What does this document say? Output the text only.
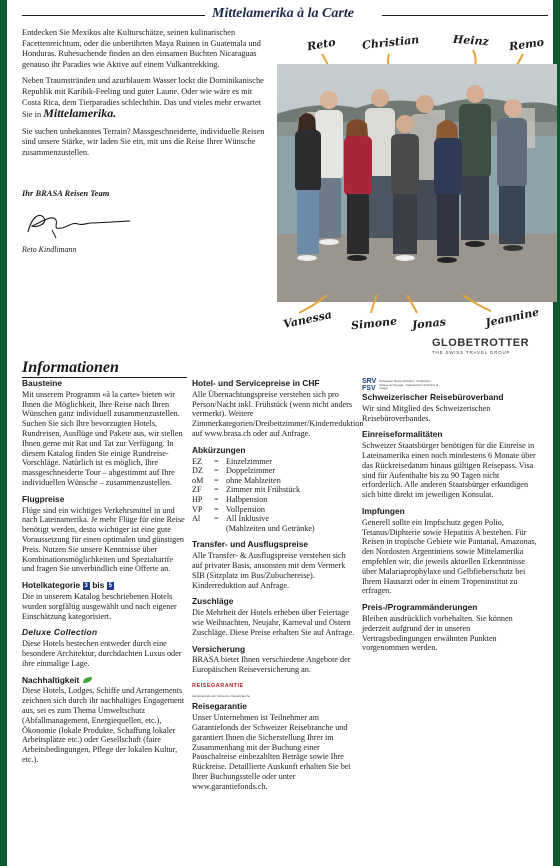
Mittelamerika à la Carte

Entdecken Sie Mexikos alte Kulturschätze, seinen kulinarischen Facettenreichtum, oder die unberührten Maya Ruinen in Guatemala und Honduras. Ruhesuchende finden an den einsamen Buchten Nicaraguas genauso ihr Paradies wie Aktive auf einem Vulkantrekking.

Neben Traumstränden und azurblauem Wasser lockt die Dominikanische Republik mit Karibik-Feeling und guter Laune. Oder wie wäre es mit Costa Rica, dem Tierparadies schlechthin. Das und vieles mehr erwartet Sie in Mittelamerika.

Sie suchen unbekanntes Terrain? Massgeschneiderte, individuelle Reisen sind unsere Stärke, wir laden Sie ein, mit uns die Reise Ihrer Wünsche zusammenzustellen.

Ihr BRASA Reisen Team
Reto Kindlimann
Reto Christian	Heinz Remo
Vanessa Simone Jonas	Jeannine
GLOBETROTTER
THE SWISS TRAVEL GROUP
Informationen
Bausteine

Mit unserem Programm «à la carte» bieten wir Ihnen die Möglichkeit, Ihre Reise nach Ihren Wünschen ganz individuell zusammenzustellen. Suchen Sie sich Ihre bevorzugten Hotels, Rundreisen, Ausflüge und Pakete aus, wir stellen Ihnen gerne mit Rat und Tat zur Verfügung. In diesem Katalog finden Sie einige Rundreise-Vorschläge. Natürlich ist es möglich, Ihre massgeschneiderte Tour – abgestimmt auf Ihre individuellen Wünsche – zusammenzustellen.

Flugpreise

Flüge sind ein wichtiges Verkehrsmittel in und nach Lateinamerika. Je mehr Flüge für eine Reise benötigt werden, desto wichtiger ist eine gute Voraussetzung für einen optimalen und günstigen Preis. Nutzen Sie unsere Kenntnisse über Kombinationsmöglichkeiten und Spezialtarife und fragen Sie unverbindlich eine Offerte an.

Hotelkategorie 3 bis 5

Die in unserem Katalog beschriebenen Hotels wurden sorgfältig ausgewählt und nach eigener Einschätzung kategorisiert.

Deluxe Collection

Diese Hotels bestechen entweder durch eine besondere Architektur, durchdachten Luxus oder ihre einmalige Lage.

Nachhaltigkeit

Diese Hotels, Lodges, Schiffe und Arrangements zeichnen sich durch ihr nachhaltiges Engagement aus, sei es zum Thema Umweltschutz (Abfallmanagement, Energiequellen, etc.), Ökonomie (lokale Produkte, Schaffung lokaler Arbeitsplätze etc.) oder Gesellschaft (faire Arbeitsbedingungen, Pflege der lokalen Kultur, etc.).

Hotel- und Servicepreise in CHF

Alle Übernachtungspreise verstehen sich pro Person/Nacht inkl. Frühstück (wenn nicht anders vermerkt). Weitere Zimmerkategorien/Dreibettzimmer/Kinderreduktion auf www.brasa.ch oder auf Anfrage.

Abkürzungen
EZ	=	Einzelzimmer
DZ	=	Doppelzimmer
oM	=	ohne Mahlzeiten
ZF	=	Zimmer mit Frühstück
HP	=	Halbpension
VP	=	Vollpension
Al	=	All Inklusive
		(Mahlzeiten und Getränke)
Transfer- und Ausflugspreise

Alle Transfer- & Ausflugspreise verstehen sich auf privater Basis, ansonsten mit dem Vermerk SIB (Sitzplatz im Bus/Zubuchereise). Kinderreduktion auf Anfrage.

Zuschläge

Die Mehrheit der Hotels erheben über Feiertage wie Weihnachten, Neujahr, Karneval und Ostern Zuschläge. Diese Preise erhalten Sie auf Anfrage.

Versicherung

BRASA bietet Ihnen verschiedene Angebote der Europäischen Reiseversicherung an.

REISEGARANTIE
Garantiefonds der Schweizer Reisebranche
Reisegarantie

Unser Unternehmen ist Teilnehmer am Garantiefonds der Schweizer Reisebranche und garantiert Ihnen die Sicherstellung Ihrer im Zusammenhang mit der Buchung einer Pauschalreise einbezahlten Beträge sowie Ihre Rückreise. Detaillierte Auskunft erhalten Sie bei Ihrer Buchungsstelle oder unter www.garantiefonds.ch.

SRV
FSV
Schweizer Reise-Verband · Fédération Suisse du Voyage · Federazione Svizzera di Viaggi
Schweizerischer Reisebüroverband

Wir sind Mitglied des Schweizerischen Reisebüroverbandes.

Einreiseformalitäten

Schweizer Staatsbürger benötigen für die Einreise in Lateinamerika einen noch mindestens 6 Monate über das Rückreisedatum hinaus gültigen Reisepass. Visa sind für Aufenthalte bis zu 90 Tagen nicht erforderlich. Alle anderen Staatsbürger erkundigen sich bitte direkt im jeweiligen Konsulat.

Impfungen

Generell sollte ein Impfschutz gegen Polio, Tetanus/Diphterie sowie Hepatitis A bestehen. Für Reisen in tropische Gebiete wie Pantanal, Amazonas, den Nordosten Argentiniens sowie Mittelamerika empfehlen wir, die jeweils aktuellen Erkenntnisse über Malariaprophylaxe und Gelbfieberschutz bei Ihrem Hausarzt oder in einem Tropeninstitut zu erfragen.

Preis-/Programmänderungen

Bleiben ausdrücklich vorbehalten. Sie können jederzeit aufgrund der in unseren Vertragsbedingungen erwähnten Punkten vorgenommen werden.
